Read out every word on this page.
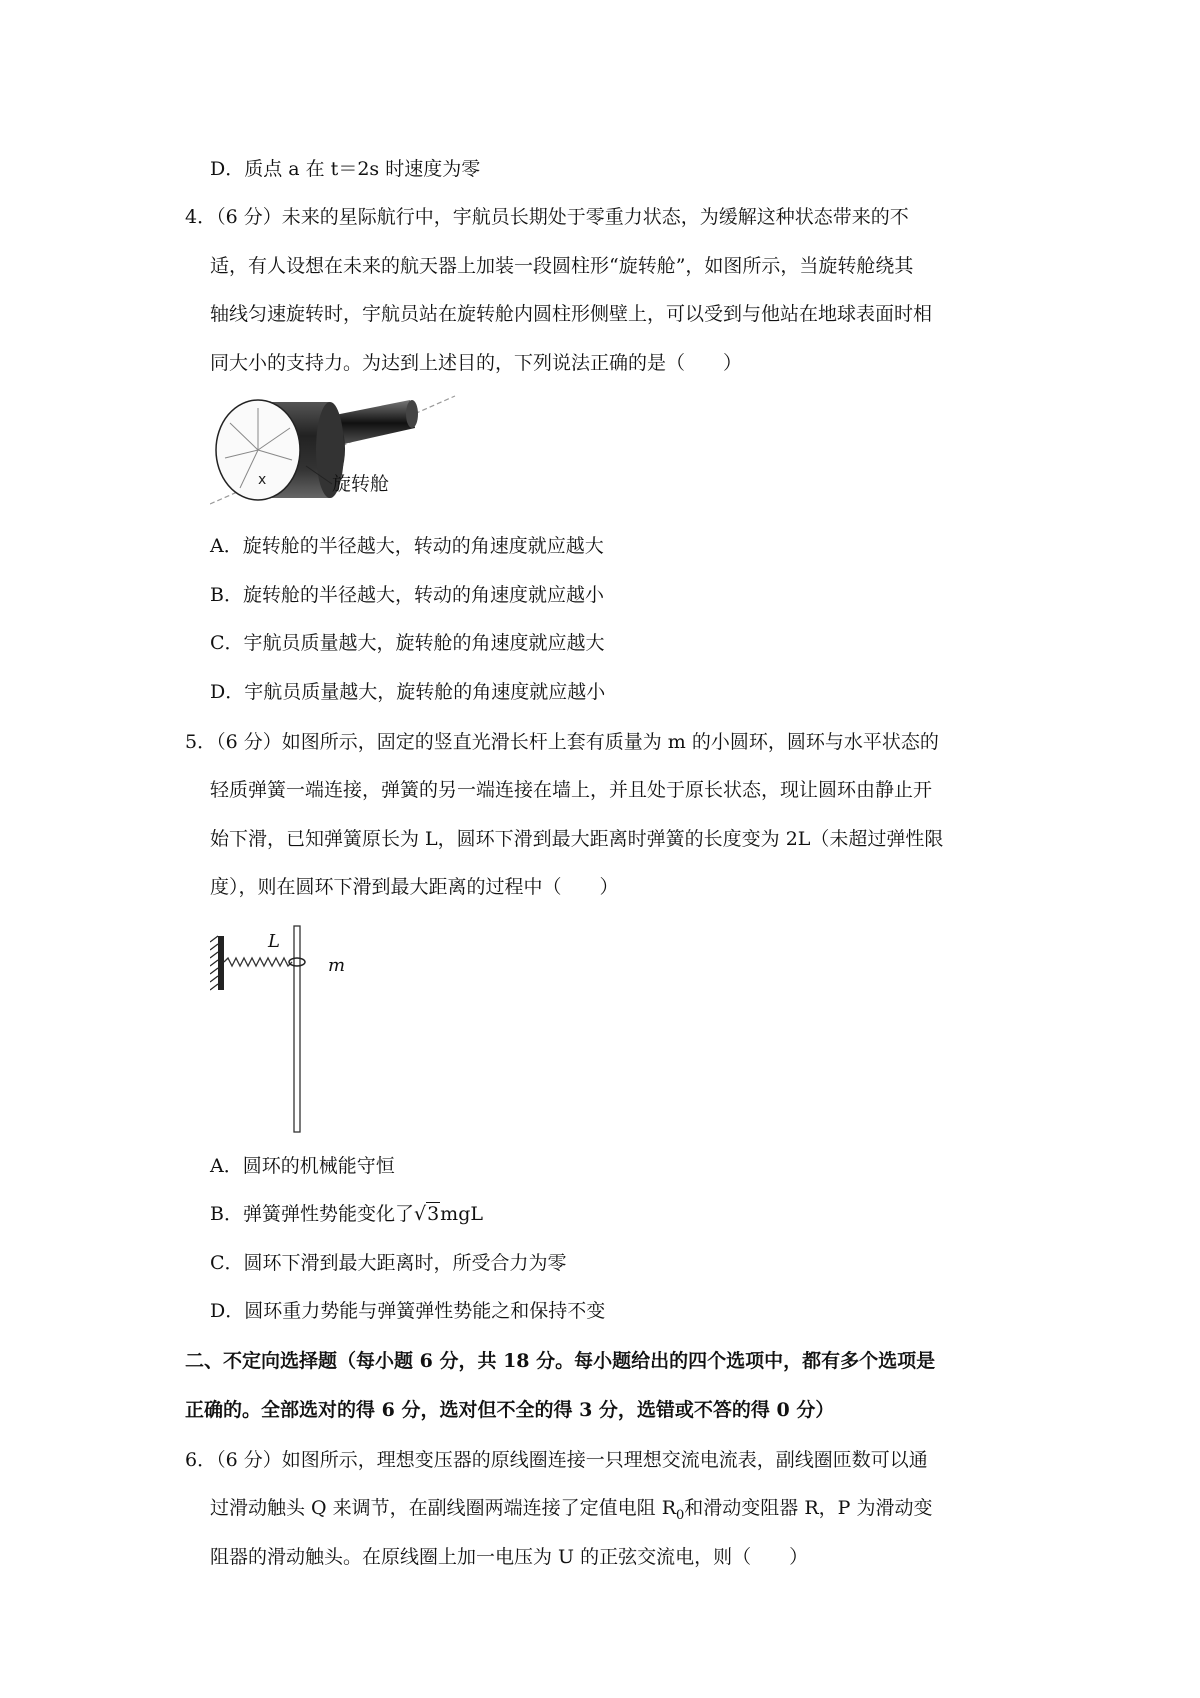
D．质点 a 在 t＝2s 时速度为零
4．（6 分）未来的星际航行中，宇航员长期处于零重力状态，为缓解这种状态带来的不
适，有人设想在未来的航天器上加装一段圆柱形“旋转舱”，如图所示，当旋转舱绕其
轴线匀速旋转时，宇航员站在旋转舱内圆柱形侧壁上，可以受到与他站在地球表面时相
同大小的支持力。为达到上述目的，下列说法正确的是（　　）
x	旋转舱
A．旋转舱的半径越大，转动的角速度就应越大
B．旋转舱的半径越大，转动的角速度就应越小
C．宇航员质量越大，旋转舱的角速度就应越大
D．宇航员质量越大，旋转舱的角速度就应越小
5．（6 分）如图所示，固定的竖直光滑长杆上套有质量为 m 的小圆环，圆环与水平状态的
轻质弹簧一端连接，弹簧的另一端连接在墙上，并且处于原长状态，现让圆环由静止开
始下滑，已知弹簧原长为 L，圆环下滑到最大距离时弹簧的长度变为 2L（未超过弹性限
度），则在圆环下滑到最大距离的过程中（　　）
L
m
A．圆环的机械能守恒
B．弹簧弹性势能变化了√3mgL
C．圆环下滑到最大距离时，所受合力为零
D．圆环重力势能与弹簧弹性势能之和保持不变
二、不定向选择题（每小题 6 分，共 18 分。每小题给出的四个选项中，都有多个选项是
正确的。全部选对的得 6 分，选对但不全的得 3 分，选错或不答的得 0 分）
6．（6 分）如图所示，理想变压器的原线圈连接一只理想交流电流表，副线圈匝数可以通
过滑动触头 Q 来调节，在副线圈两端连接了定值电阻 $R_0$和滑动变阻器 R，P 为滑动变
阻器的滑动触头。在原线圈上加一电压为 U 的正弦交流电，则（　　）
